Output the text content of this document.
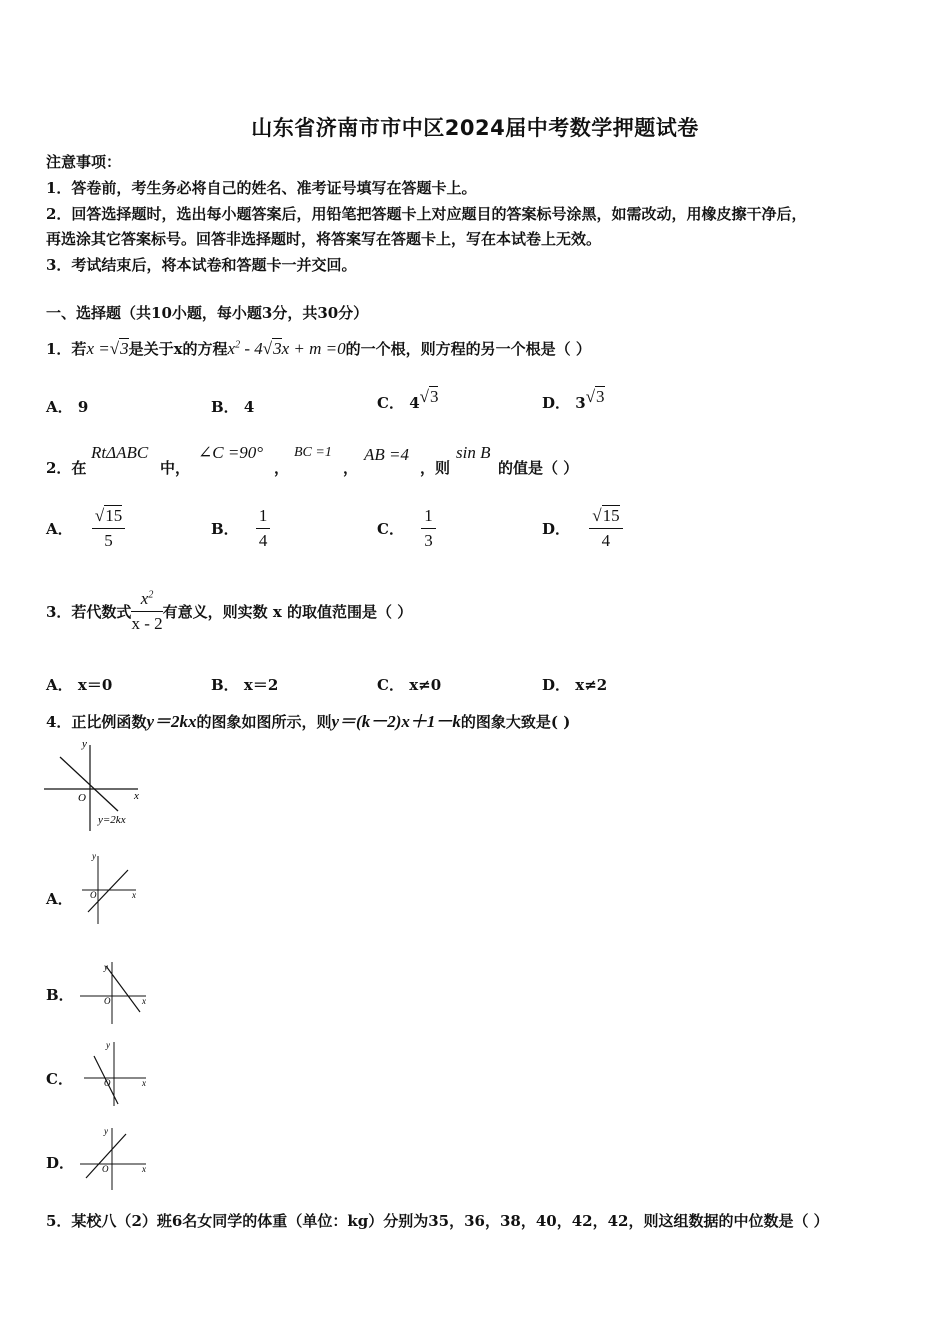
山东省济南市市中区2024届中考数学押题试卷
注意事项：
1．答卷前，考生务必将自己的姓名、准考证号填写在答题卡上。
2．回答选择题时，选出每小题答案后，用铅笔把答题卡上对应题目的答案标号涂黑，如需改动，用橡皮擦干净后，
再选涂其它答案标号。回答非选择题时，将答案写在答题卡上，写在本试卷上无效。
3．考试结束后，将本试卷和答题卡一并交回。
一、选择题（共10小题，每小题3分，共30分）
1．若x =√3是关于x的方程$x^2 - 4√3x + m =0$的一个根，则方程的另一个根是（ ）
A． 9	B． 4	C． 4√3	D． 3√3
2．在
RtΔABC
中，
∠C =90°
，
BC =1
，
AB =4
，则
sin B
的值是（ ）
A． $\frac{√15}{5}$	B． $\frac{1}{4}$	C． $\frac{1}{3}$	D． $\frac{√15}{4}$
3．若代数式 $\frac{x^2}{x - 2}$ 有意义，则实数 x 的取值范围是（ ）
A． x＝0	B． x＝2	C． x≠0	D． x≠2
4．正比例函数y＝2kx的图象如图所示，则y＝(k－2)x＋1－k的图象大致是( )
y
x
O
y=2kx
A．
y
x
O
B．
y
x
O
C．
y
x
O
D．
y
x
O
5．某校八（2）班6名女同学的体重（单位：kg）分别为35，36，38，40，42，42，则这组数据的中位数是（ ）
